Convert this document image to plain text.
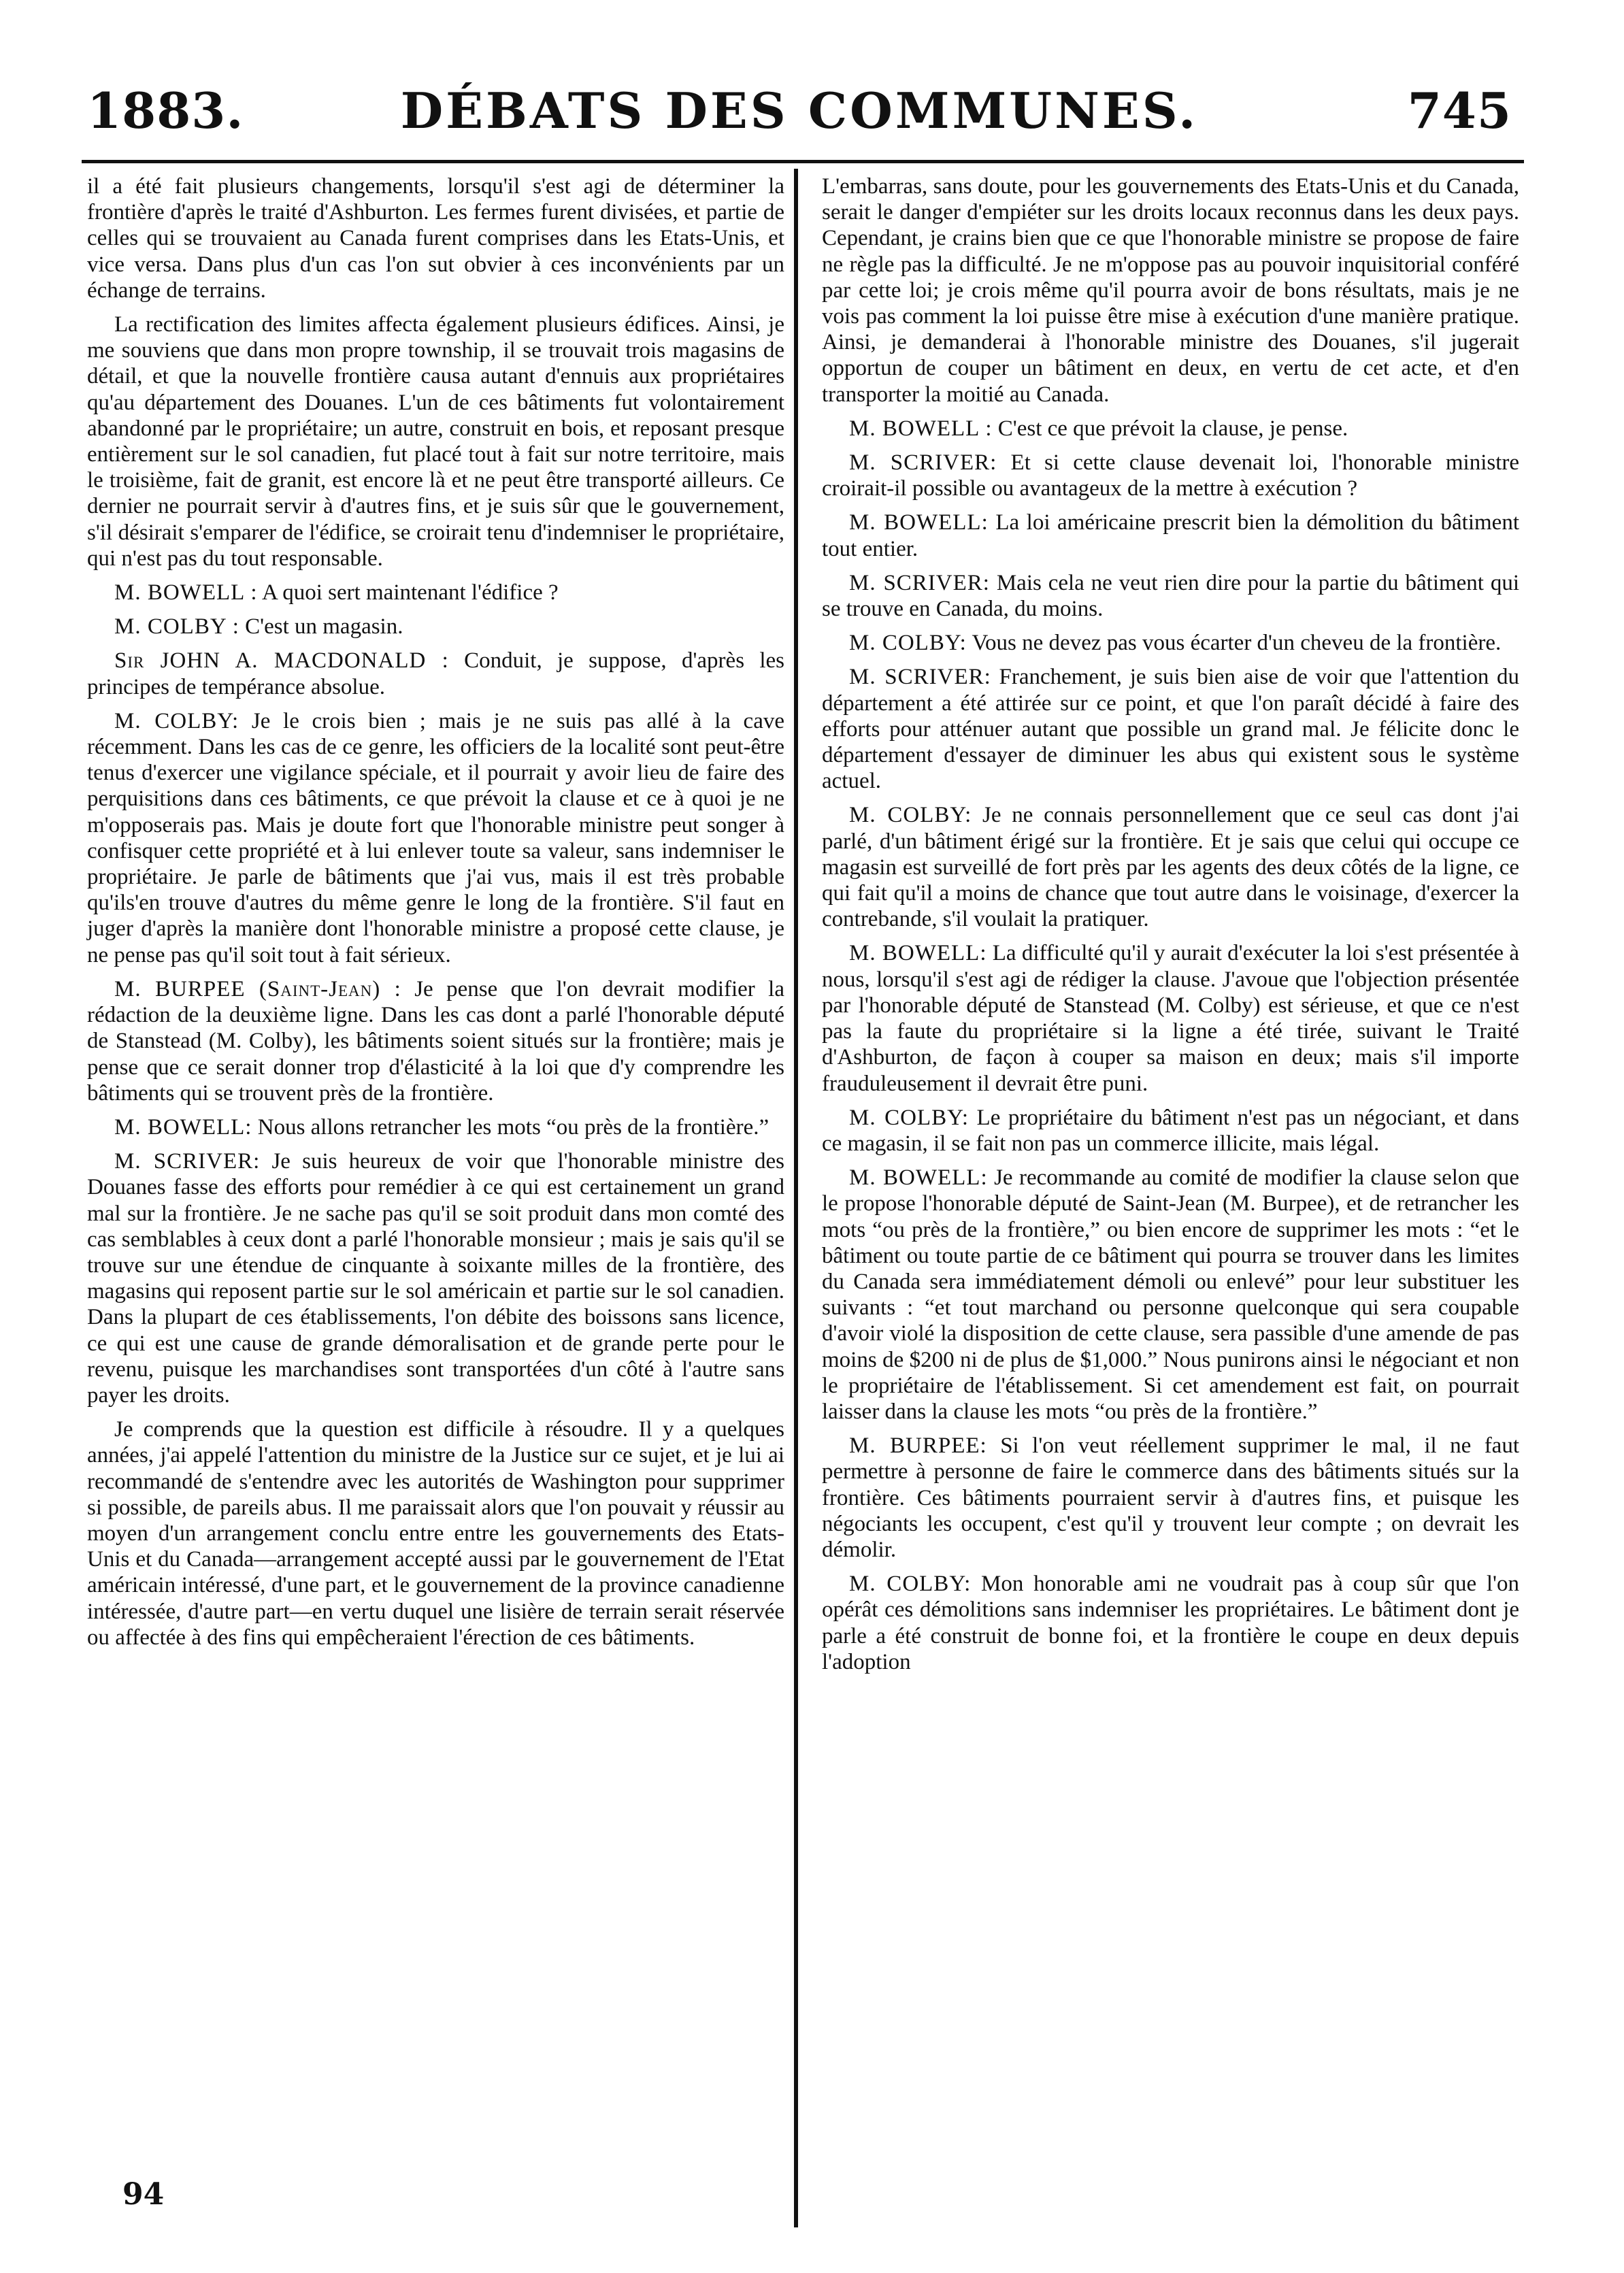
1883.	DÉBATS DES COMMUNES.	745

il a été fait plusieurs changements, lorsqu'il s'est agi de déterminer la frontière d'après le traité d'Ashburton. Les fermes furent divisées, et partie de celles qui se trouvaient au Canada furent comprises dans les Etats-Unis, et vice versa. Dans plus d'un cas l'on sut obvier à ces inconvénients par un échange de terrains.

La rectification des limites affecta également plusieurs édifices. Ainsi, je me souviens que dans mon propre township, il se trouvait trois magasins de détail, et que la nouvelle frontière causa autant d'ennuis aux propriétaires qu'au département des Douanes. L'un de ces bâtiments fut volontairement abandonné par le propriétaire; un autre, construit en bois, et reposant presque entièrement sur le sol canadien, fut placé tout à fait sur notre territoire, mais le troisième, fait de granit, est encore là et ne peut être transporté ailleurs. Ce dernier ne pourrait servir à d'autres fins, et je suis sûr que le gouvernement, s'il désirait s'emparer de l'édifice, se croirait tenu d'indemniser le propriétaire, qui n'est pas du tout responsable.

M. BOWELL : A quoi sert maintenant l'édifice ?

M. COLBY : C'est un magasin.

Sir JOHN A. MACDONALD : Conduit, je suppose, d'après les principes de tempérance absolue.

M. COLBY: Je le crois bien ; mais je ne suis pas allé à la cave récemment. Dans les cas de ce genre, les officiers de la localité sont peut-être tenus d'exercer une vigilance spéciale, et il pourrait y avoir lieu de faire des perquisitions dans ces bâtiments, ce que prévoit la clause et ce à quoi je ne m'opposerais pas. Mais je doute fort que l'honorable ministre peut songer à confisquer cette propriété et à lui enlever toute sa valeur, sans indemniser le propriétaire. Je parle de bâtiments que j'ai vus, mais il est très probable qu'ils'en trouve d'autres du même genre le long de la frontière. S'il faut en juger d'après la manière dont l'honorable ministre a proposé cette clause, je ne pense pas qu'il soit tout à fait sérieux.

M. BURPEE (Saint-Jean) : Je pense que l'on devrait modifier la rédaction de la deuxième ligne. Dans les cas dont a parlé l'honorable député de Stanstead (M. Colby), les bâtiments soient situés sur la frontière; mais je pense que ce serait donner trop d'élasticité à la loi que d'y comprendre les bâtiments qui se trouvent près de la frontière.

M. BOWELL: Nous allons retrancher les mots “ou près de la frontière.”

M. SCRIVER: Je suis heureux de voir que l'honorable ministre des Douanes fasse des efforts pour remédier à ce qui est certainement un grand mal sur la frontière. Je ne sache pas qu'il se soit produit dans mon comté des cas semblables à ceux dont a parlé l'honorable monsieur ; mais je sais qu'il se trouve sur une étendue de cinquante à soixante milles de la frontière, des magasins qui reposent partie sur le sol américain et partie sur le sol canadien. Dans la plupart de ces établissements, l'on débite des boissons sans licence, ce qui est une cause de grande démoralisation et de grande perte pour le revenu, puisque les marchandises sont transportées d'un côté à l'autre sans payer les droits.

Je comprends que la question est difficile à résoudre. Il y a quelques années, j'ai appelé l'attention du ministre de la Justice sur ce sujet, et je lui ai recommandé de s'entendre avec les autorités de Washington pour supprimer si possible, de pareils abus. Il me paraissait alors que l'on pouvait y réussir au moyen d'un arrangement conclu entre entre les gouvernements des Etats-Unis et du Canada—arrangement accepté aussi par le gouvernement de l'Etat américain intéressé, d'une part, et le gouvernement de la province canadienne intéressée, d'autre part—en vertu duquel une lisière de terrain serait réservée ou affectée à des fins qui empêcheraient l'érection de ces bâtiments.

L'embarras, sans doute, pour les gouvernements des Etats-Unis et du Canada, serait le danger d'empiéter sur les droits locaux reconnus dans les deux pays. Cependant, je crains bien que ce que l'honorable ministre se propose de faire ne règle pas la difficulté. Je ne m'oppose pas au pouvoir inquisitorial conféré par cette loi; je crois même qu'il pourra avoir de bons résultats, mais je ne vois pas comment la loi puisse être mise à exécution d'une manière pratique. Ainsi, je demanderai à l'honorable ministre des Douanes, s'il jugerait opportun de couper un bâtiment en deux, en vertu de cet acte, et d'en transporter la moitié au Canada.

M. BOWELL : C'est ce que prévoit la clause, je pense.

M. SCRIVER: Et si cette clause devenait loi, l'honorable ministre croirait-il possible ou avantageux de la mettre à exécution ?

M. BOWELL: La loi américaine prescrit bien la démolition du bâtiment tout entier.

M. SCRIVER: Mais cela ne veut rien dire pour la partie du bâtiment qui se trouve en Canada, du moins.

M. COLBY: Vous ne devez pas vous écarter d'un cheveu de la frontière.

M. SCRIVER: Franchement, je suis bien aise de voir que l'attention du département a été attirée sur ce point, et que l'on paraît décidé à faire des efforts pour atténuer autant que possible un grand mal. Je félicite donc le département d'essayer de diminuer les abus qui existent sous le système actuel.

M. COLBY: Je ne connais personnellement que ce seul cas dont j'ai parlé, d'un bâtiment érigé sur la frontière. Et je sais que celui qui occupe ce magasin est surveillé de fort près par les agents des deux côtés de la ligne, ce qui fait qu'il a moins de chance que tout autre dans le voisinage, d'exercer la contrebande, s'il voulait la pratiquer.

M. BOWELL: La difficulté qu'il y aurait d'exécuter la loi s'est présentée à nous, lorsqu'il s'est agi de rédiger la clause. J'avoue que l'objection présentée par l'honorable député de Stanstead (M. Colby) est sérieuse, et que ce n'est pas la faute du propriétaire si la ligne a été tirée, suivant le Traité d'Ashburton, de façon à couper sa maison en deux; mais s'il importe frauduleusement il devrait être puni.

M. COLBY: Le propriétaire du bâtiment n'est pas un négociant, et dans ce magasin, il se fait non pas un commerce illicite, mais légal.

M. BOWELL: Je recommande au comité de modifier la clause selon que le propose l'honorable député de Saint-Jean (M. Burpee), et de retrancher les mots “ou près de la frontière,” ou bien encore de supprimer les mots : “et le bâtiment ou toute partie de ce bâtiment qui pourra se trouver dans les limites du Canada sera immédiatement démoli ou enlevé” pour leur substituer les suivants : “et tout marchand ou personne quelconque qui sera coupable d'avoir violé la disposition de cette clause, sera passible d'une amende de pas moins de $200 ni de plus de $1,000.” Nous punirons ainsi le négociant et non le propriétaire de l'établissement. Si cet amendement est fait, on pourrait laisser dans la clause les mots “ou près de la frontière.”

M. BURPEE: Si l'on veut réellement supprimer le mal, il ne faut permettre à personne de faire le commerce dans des bâtiments situés sur la frontière. Ces bâtiments pourraient servir à d'autres fins, et puisque les négociants les occupent, c'est qu'il y trouvent leur compte ; on devrait les démolir.

M. COLBY: Mon honorable ami ne voudrait pas à coup sûr que l'on opérât ces démolitions sans indemniser les propriétaires. Le bâtiment dont je parle a été construit de bonne foi, et la frontière le coupe en deux depuis l'adoption

94
